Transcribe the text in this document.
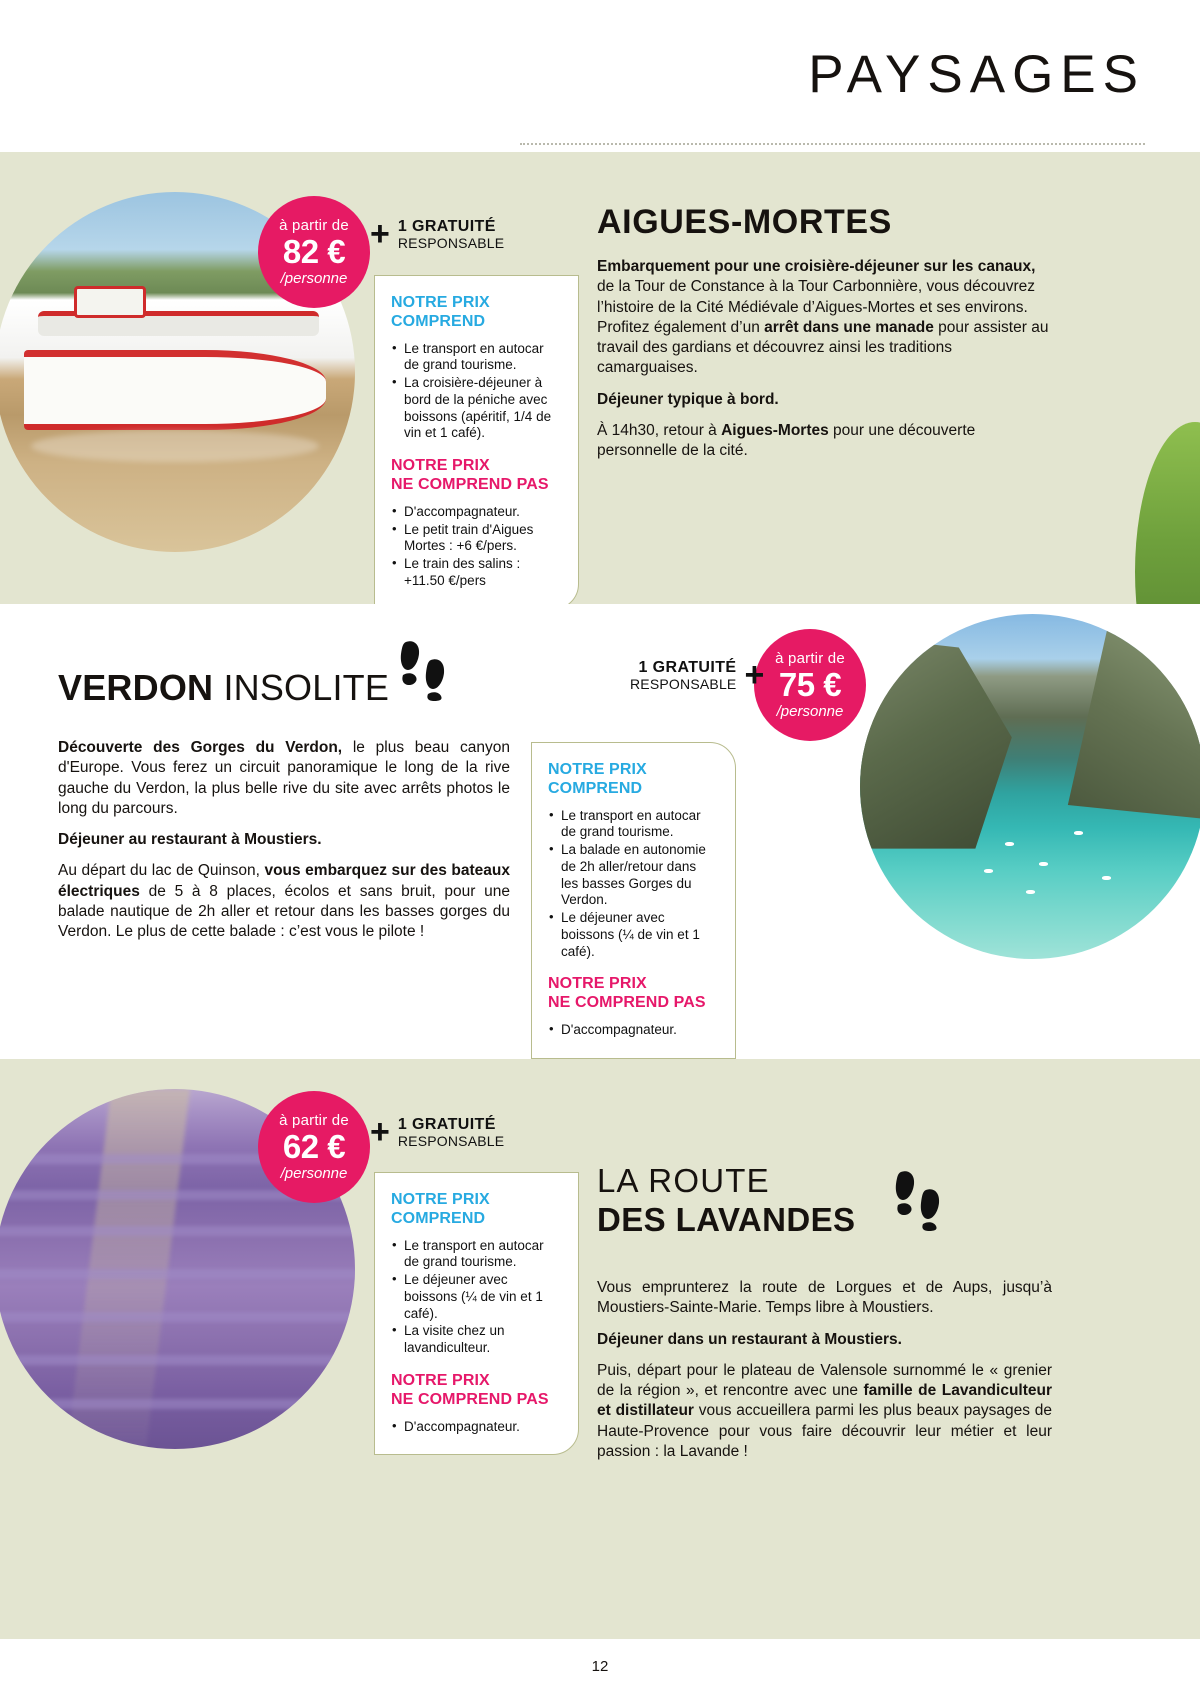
PAYSAGES
à partir de
82 €
/personne
+ 1 GRATUITÉ
RESPONSABLE
NOTRE PRIX
COMPREND
• Le transport en autocar de grand tourisme.
• La croisière-déjeuner à bord de la péniche avec boissons (apéritif, 1/4 de vin et 1 café).
NOTRE PRIX
NE COMPREND PAS
• D'accompagnateur.
• Le petit train d'Aigues Mortes : +6 €/pers.
• Le train des salins : +11.50 €/pers
AIGUES-MORTES

Embarquement pour une croisière-déjeuner sur les canaux, de la Tour de Constance à la Tour Carbonnière, vous découvrez l’histoire de la Cité Médiévale d’Aigues-Mortes et ses environs. Profitez également d’un arrêt dans une manade pour assister au travail des gardians et découvrez ainsi les traditions camarguaises.

Déjeuner typique à bord.

À 14h30, retour à Aigues-Mortes pour une découverte personnelle de la cité.

à partir de
75 €
/personne
+
1 GRATUITÉ
RESPONSABLE
VERDON INSOLITE

Découverte des Gorges du Verdon, le plus beau canyon d'Europe. Vous ferez un circuit panoramique le long de la rive gauche du Verdon, la plus belle rive du site avec arrêts photos le long du parcours.

Déjeuner au restaurant à Moustiers.

Au départ du lac de Quinson, vous embarquez sur des bateaux électriques de 5 à 8 places, écolos et sans bruit, pour une balade nautique de 2h aller et retour dans les basses gorges du Verdon. Le plus de cette balade : c’est vous le pilote !

NOTRE PRIX
COMPREND
• Le transport en autocar de grand tourisme.
• La balade en autonomie de 2h aller/retour dans les basses Gorges du Verdon.
• Le déjeuner avec boissons (¼ de vin et 1 café).
NOTRE PRIX
NE COMPREND PAS
• D'accompagnateur.
à partir de
62 €
/personne
+ 1 GRATUITÉ
RESPONSABLE
NOTRE PRIX
COMPREND
• Le transport en autocar de grand tourisme.
• Le déjeuner avec boissons (¼ de vin et 1 café).
• La visite chez un lavandiculteur.
NOTRE PRIX
NE COMPREND PAS
• D'accompagnateur.
LA ROUTE
DES LAVANDES

Vous emprunterez la route de Lorgues et de Aups, jusqu’à Moustiers-Sainte-Marie. Temps libre à Moustiers.

Déjeuner dans un restaurant à Moustiers.

Puis, départ pour le plateau de Valensole surnommé le « grenier de la région », et rencontre avec une famille de Lavandiculteur et distillateur vous accueillera parmi les plus beaux paysages de Haute-Provence pour vous faire découvrir leur métier et leur passion : la Lavande !

12
